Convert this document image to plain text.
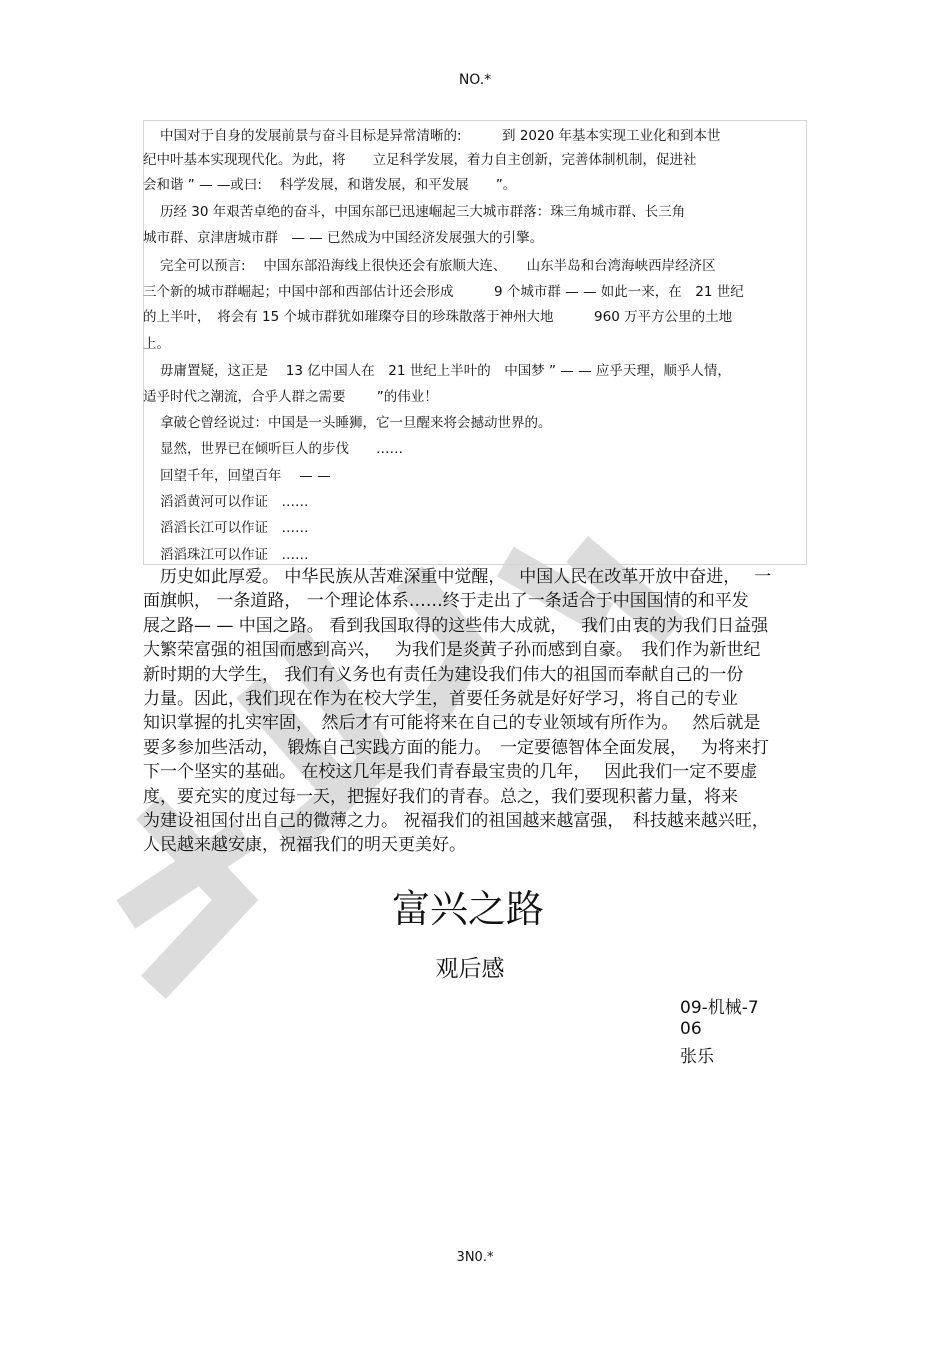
NO.*
中国对于自身的发展前景与奋斗目标是异常清晰的:　　　到 2020 年基本实现工业化和到本世
纪中叶基本实现现代化。为此，将　　立足科学发展，着力自主创新，完善体制机制，促进社
会和谐 ” — —或曰:　 科学发展，和谐发展，和平发展　　”。
历经 30 年艰苦卓绝的奋斗，中国东部已迅速崛起三大城市群落：珠三角城市群、长三角
城市群、京津唐城市群　— — 已然成为中国经济发展强大的引擎。
完全可以预言:　 中国东部沿海线上很快还会有旅顺大连、　　山东半岛和台湾海峡西岸经济区
三个新的城市群崛起；中国中部和西部估计还会形成　　　9 个城市群 — — 如此一来，在　21 世纪
的上半叶，　将会有 15 个城市群犹如璀璨夺目的珍珠散落于神州大地　　　960 万平方公里的土地
上。
毋庸置疑，这正是　 13 亿中国人在　21 世纪上半叶的　中国梦 ” — — 应乎天理，顺乎人情，
适乎时代之潮流，合乎人群之需要　　 ”的伟业！
拿破仑曾经说过：中国是一头睡狮，它一旦醒来将会撼动世界的。
显然，世界已在倾听巨人的步伐　　……
回望千年，回望百年　 — —
滔滔黄河可以作证　……
滔滔长江可以作证　……
滔滔珠江可以作证　……
　历史如此厚爱。 中华民族从苦难深重中觉醒，　 中国人民在改革开放中奋进，　 一
面旗帜， 一条道路， 一个理论体系……终于走出了一条适合于中国国情的和平发
展之路— — 中国之路。 看到我国取得的这些伟大成就，　 我们由衷的为我们日益强
大繁荣富强的祖国而感到高兴，　 为我们是炎黄子孙而感到自豪。　我们作为新世纪
新时期的大学生， 我们有义务也有责任为建设我们伟大的祖国而奉献自己的一份
力量。因此，我们现在作为在校大学生，首要任务就是好好学习，将自己的专业
知识掌握的扎实牢固，　然后才有可能将来在自己的专业领域有所作为。　 然后就是
要多参加些活动，　锻炼自己实践方面的能力。　一定要德智体全面发展，　 为将来打
下一个坚实的基础。 在校这几年是我们青春最宝贵的几年，　 因此我们一定不要虚
度，要充实的度过每一天，把握好我们的青春。总之，我们要现积蓄力量，将来
为建设祖国付出自己的微薄之力。 祝福我们的祖国越来越富强，　科技越来越兴旺，
人民越来越安康，祝福我们的明天更美好。
富兴之路
观后感
09-机械-7
06
张乐
3N0.*
